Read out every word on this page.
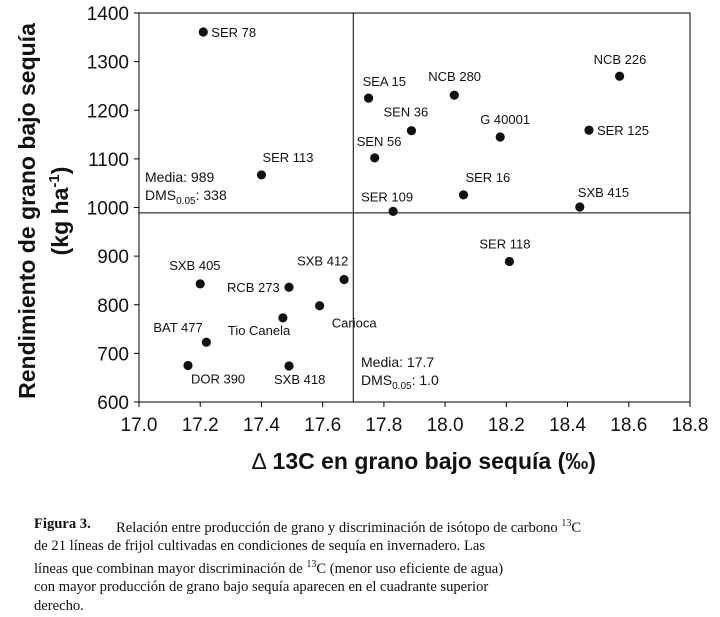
17.0 17.2 17.4 17.6 17.8 18.0 18.2 18.4 18.6 18.8
600
700
800
900
1000
1100
1200
1300
1400
SER 78
SEA 15 NCB 280
NCB 226
SEN 36	G 40001
SER 125
SEN 56
SER 113
SER 16
SXB 415
SER 109
SER 118
SXB 405	SXB 412
RCB 273
Carioca
Tio Canela
BAT 477
DOR 390 SXB 418
Media: 989
$DMS_{0.05}$: 338
Media: 17.7
$DMS_{0.05}$: 1.0
∆ 13C en grano bajo sequía (‰)
Rendimiento de grano bajo sequía (kg $ha^{-1}$)
Figura 3. Relación entre producción de grano y discriminación de isótopo de carbono $^{13}$C
de 21 líneas de frijol cultivadas en condiciones de sequía en invernadero. Las
líneas que combinan mayor discriminación de $^{13}$C (menor uso eficiente de agua)
con mayor producción de grano bajo sequía aparecen en el cuadrante superior
derecho.
